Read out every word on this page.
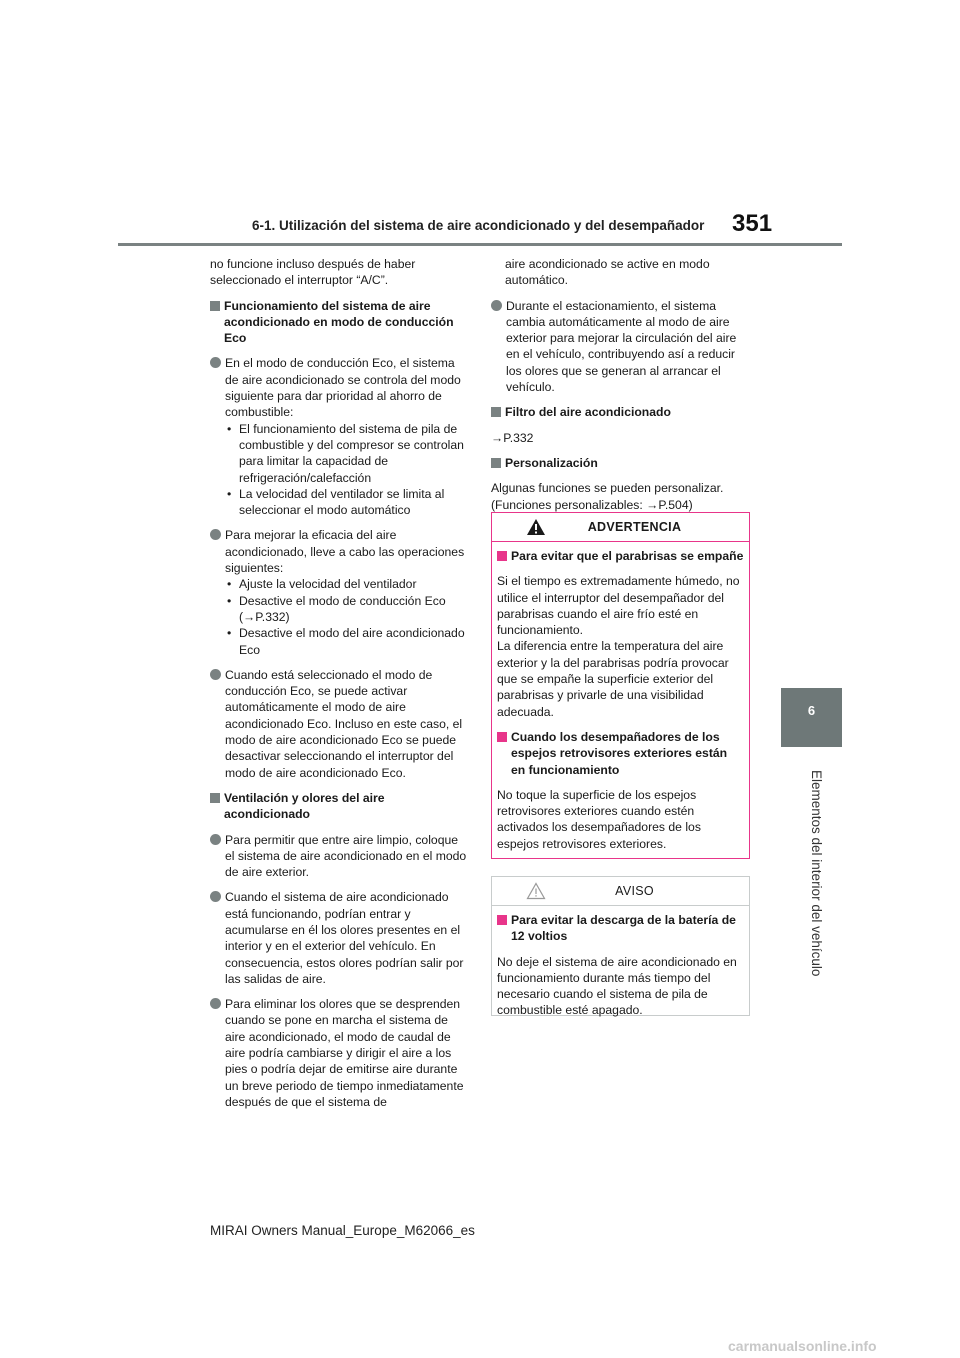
6-1. Utilización del sistema de aire acondicionado y del desempañador 351
6
Elementos del interior del vehículo
no funcione incluso después de haber seleccionado el interruptor “A/C”.
Funcionamiento del sistema de aire acondicionado en modo de conducción Eco
En el modo de conducción Eco, el sistema de aire acondicionado se controla del modo siguiente para dar prioridad al ahorro de combustible:
• El funcionamiento del sistema de pila de combustible y del compresor se controlan para limitar la capacidad de refrigeración/calefacción
• La velocidad del ventilador se limita al seleccionar el modo automático
Para mejorar la eficacia del aire acondicionado, lleve a cabo las operaciones siguientes:
• Ajuste la velocidad del ventilador
• Desactive el modo de conducción Eco (→P.332)
• Desactive el modo del aire acondicionado Eco
Cuando está seleccionado el modo de conducción Eco, se puede activar automáticamente el modo de aire acondicionado Eco. Incluso en este caso, el modo de aire acondicionado Eco se puede desactivar seleccionando el interruptor del modo de aire acondicionado Eco.
Ventilación y olores del aire acondicionado
Para permitir que entre aire limpio, coloque el sistema de aire acondicionado en el modo de aire exterior.
Cuando el sistema de aire acondicionado está funcionando, podrían entrar y acumularse en él los olores presentes en el interior y en el exterior del vehículo. En consecuencia, estos olores podrían salir por las salidas de aire.
Para eliminar los olores que se desprenden cuando se pone en marcha el sistema de aire acondicionado, el modo de caudal de aire podría cambiarse y dirigir el aire a los pies o podría dejar de emitirse aire durante un breve periodo de tiempo inmediatamente después de que el sistema de
aire acondicionado se active en modo automático.
Durante el estacionamiento, el sistema cambia automáticamente al modo de aire exterior para mejorar la circulación del aire en el vehículo, contribuyendo así a reducir los olores que se generan al arrancar el vehículo.
Filtro del aire acondicionado
→P.332
Personalización
Algunas funciones se pueden personalizar. (Funciones personalizables: →P.504)
ADVERTENCIA
Para evitar que el parabrisas se empañe
Si el tiempo es extremadamente húmedo, no utilice el interruptor del desempañador del parabrisas cuando el aire frío esté en funcionamiento.
La diferencia entre la temperatura del aire exterior y la del parabrisas podría provocar que se empañe la superficie exterior del parabrisas y privarle de una visibilidad adecuada.
Cuando los desempañadores de los espejos retrovisores exteriores están en funcionamiento
No toque la superficie de los espejos retrovisores exteriores cuando estén activados los desempañadores de los espejos retrovisores exteriores.
AVISO
Para evitar la descarga de la batería de 12 voltios
No deje el sistema de aire acondicionado en funcionamiento durante más tiempo del necesario cuando el sistema de pila de combustible esté apagado.
MIRAI Owners Manual_Europe_M62066_es
carmanualsonline.info
